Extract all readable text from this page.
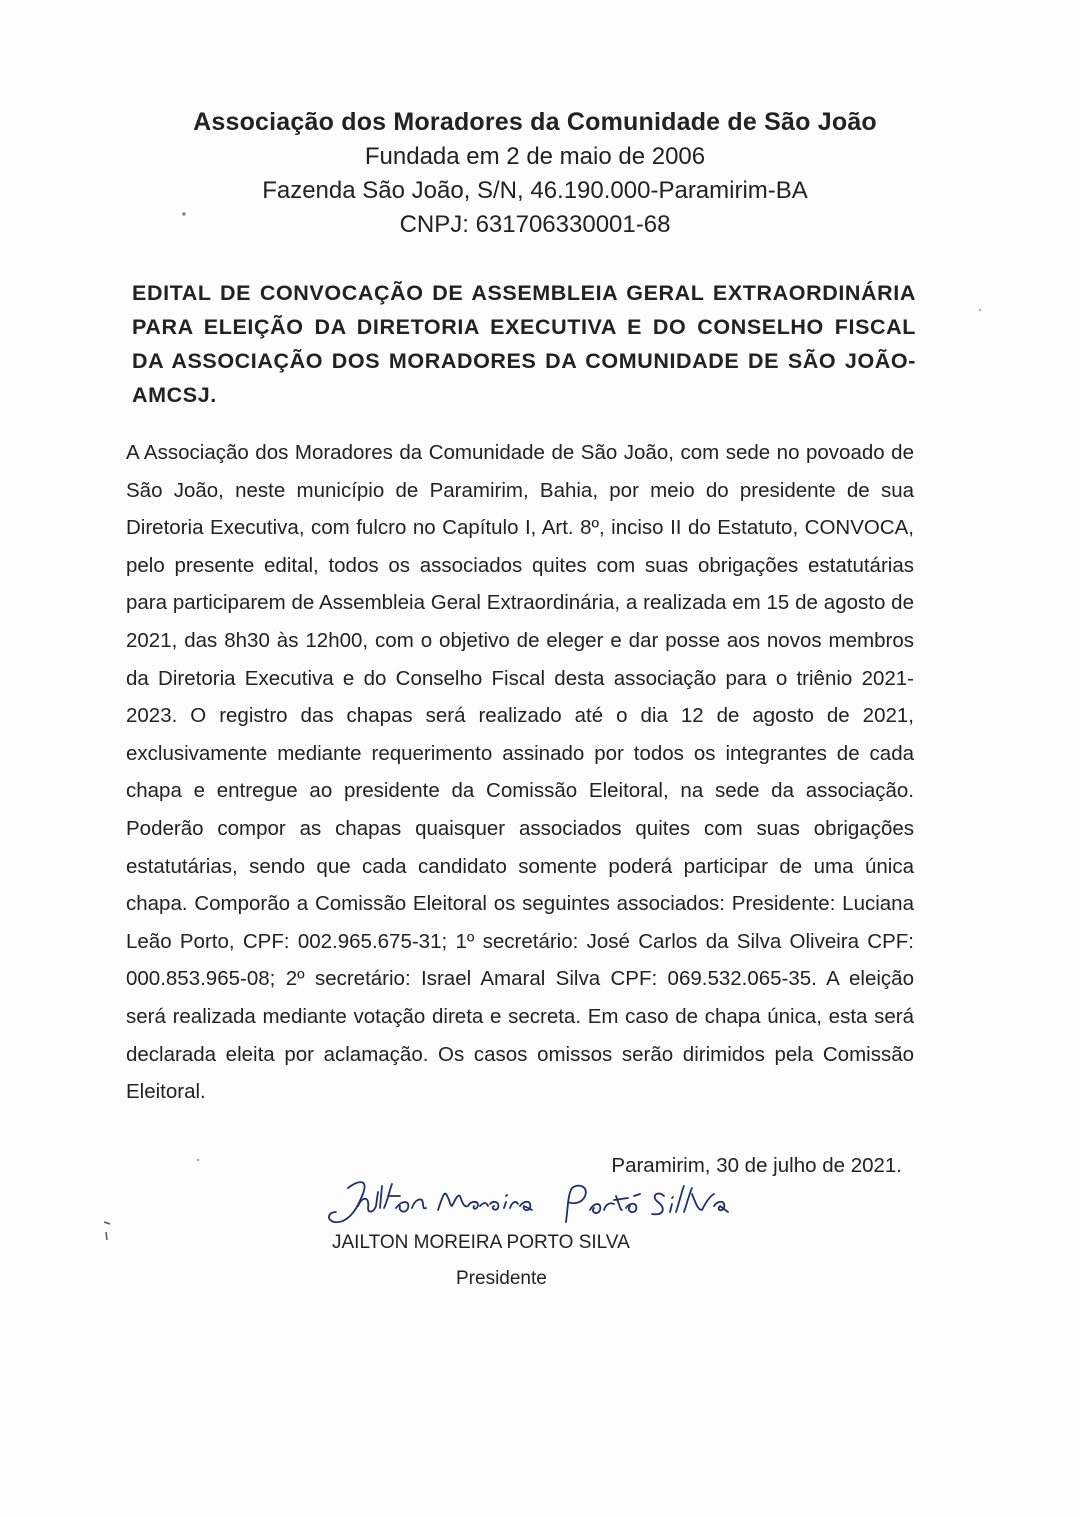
Associação dos Moradores da Comunidade de São João

Fundada em 2 de maio de 2006

Fazenda São João, S/N, 46.190.000-Paramirim-BA

CNPJ: 631706330001-68

EDITAL DE CONVOCAÇÃO DE ASSEMBLEIA GERAL EXTRAORDINÁRIA PARA ELEIÇÃO DA DIRETORIA EXECUTIVA E DO CONSELHO FISCAL DA ASSOCIAÇÃO DOS MORADORES DA COMUNIDADE DE SÃO JOÃO-AMCSJ.

A Associação dos Moradores da Comunidade de São João, com sede no povoado de São João, neste município de Paramirim, Bahia, por meio do presidente de sua Diretoria Executiva, com fulcro no Capítulo I, Art. 8º, inciso II do Estatuto, CONVOCA, pelo presente edital, todos os associados quites com suas obrigações estatutárias para participarem de Assembleia Geral Extraordinária, a realizada em 15 de agosto de 2021, das 8h30 às 12h00, com o objetivo de eleger e dar posse aos novos membros da Diretoria Executiva e do Conselho Fiscal desta associação para o triênio 2021-2023. O registro das chapas será realizado até o dia 12 de agosto de 2021, exclusivamente mediante requerimento assinado por todos os integrantes de cada chapa e entregue ao presidente da Comissão Eleitoral, na sede da associação. Poderão compor as chapas quaisquer associados quites com suas obrigações estatutárias, sendo que cada candidato somente poderá participar de uma única chapa. Comporão a Comissão Eleitoral os seguintes associados: Presidente: Luciana Leão Porto, CPF: 002.965.675-31; 1º secretário: José Carlos da Silva Oliveira CPF: 000.853.965-08; 2º secretário: Israel Amaral Silva CPF: 069.532.065-35. A eleição será realizada mediante votação direta e secreta. Em caso de chapa única, esta será declarada eleita por aclamação. Os casos omissos serão dirimidos pela Comissão Eleitoral.

Paramirim, 30 de julho de 2021.
JAILTON MOREIRA PORTO SILVA
Presidente
